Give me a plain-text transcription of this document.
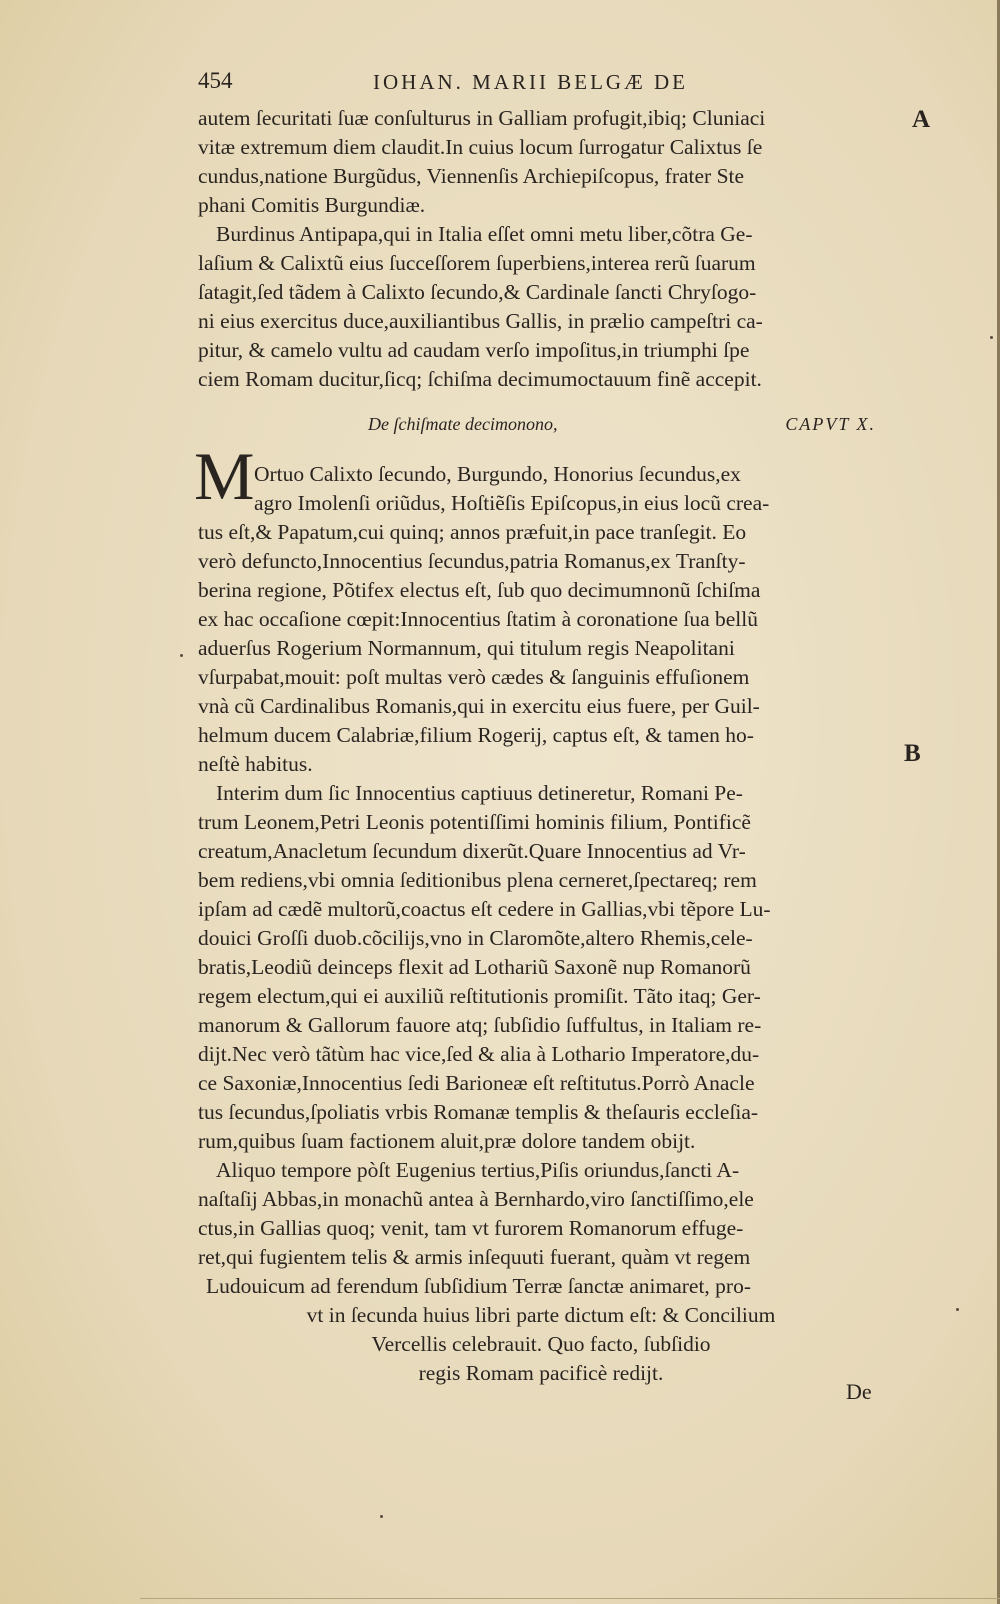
454	IOHAN. MARII BELGÆ DE
A
B
autem ſecuritati ſuæ conſulturus in Galliam profugit,ibiq; Cluniaci
vitæ extremum diem claudit.In cuius locum ſurrogatur Calixtus ſe
cundus,natione Burgũdus, Viennenſis Archiepiſcopus, frater Ste
phani Comitis Burgundiæ.
Burdinus Antipapa,qui in Italia eſſet omni metu liber,cõtra Ge-
laſium & Calixtũ eius ſucceſſorem ſuperbiens,interea rerũ ſuarum
ſatagit,ſed tãdem à Calixto ſecundo,& Cardinale ſancti Chryſogo-
ni eius exercitus duce,auxiliantibus Gallis, in prælio campeſtri ca-
pitur, & camelo vultu ad caudam verſo impoſitus,in triumphi ſpe
ciem Romam ducitur,ſicq; ſchiſma decimumoctauum finẽ accepit.
De ſchiſmate decimonono,	CAPVT X.
M Ortuo Calixto ſecundo, Burgundo, Honorius ſecundus,ex
agro Imolenſi oriũdus, Hoſtiẽſis Epiſcopus,in eius locũ crea-
tus eſt,& Papatum,cui quinq; annos præfuit,in pace tranſegit. Eo
verò defuncto,Innocentius ſecundus,patria Romanus,ex Tranſty-
berina regione, Põtifex electus eſt, ſub quo decimumnonũ ſchiſma
ex hac occaſione cœpit:Innocentius ſtatim à coronatione ſua bellũ
aduerſus Rogerium Normannum, qui titulum regis Neapolitani
vſurpabat,mouit: poſt multas verò cædes & ſanguinis effuſionem
vnà cũ Cardinalibus Romanis,qui in exercitu eius fuere, per Guil-
helmum ducem Calabriæ,filium Rogerij, captus eſt, & tamen ho-
neſtè habitus.
Interim dum ſic Innocentius captiuus detineretur, Romani Pe-
trum Leonem,Petri Leonis potentiſſimi hominis filium, Pontificẽ
creatum,Anacletum ſecundum dixerũt.Quare Innocentius ad Vr-
bem rediens,vbi omnia ſeditionibus plena cerneret,ſpectareq; rem
ipſam ad cædẽ multorũ,coactus eſt cedere in Gallias,vbi tẽpore Lu-
douici Groſſi duob.cõcilijs,vno in Claromõte,altero Rhemis,cele-
bratis,Leodiũ deinceps flexit ad Lothariũ Saxonẽ nup Romanorũ
regem electum,qui ei auxiliũ reſtitutionis promiſit. Tãto itaq; Ger-
manorum & Gallorum fauore atq; ſubſidio ſuffultus, in Italiam re-
dijt.Nec verò tãtùm hac vice,ſed & alia à Lothario Imperatore,du-
ce Saxoniæ,Innocentius ſedi Barioneæ eſt reſtitutus.Porrò Anacle
tus ſecundus,ſpoliatis vrbis Romanæ templis & theſauris eccleſia-
rum,quibus ſuam factionem aluit,præ dolore tandem obijt.
Aliquo tempore pòſt Eugenius tertius,Piſis oriundus,ſancti A-
naſtaſij Abbas,in monachũ antea à Bernhardo,viro ſanctiſſimo,ele
ctus,in Gallias quoq; venit, tam vt furorem Romanorum effuge-
ret,qui fugientem telis & armis inſequuti fuerant, quàm vt regem
Ludouicum ad ferendum ſubſidium Terræ ſanctæ animaret, pro-
vt in ſecunda huius libri parte dictum eſt: & Concilium
Vercellis celebrauit. Quo facto, ſubſidio
regis Romam pacificè redijt.
De
